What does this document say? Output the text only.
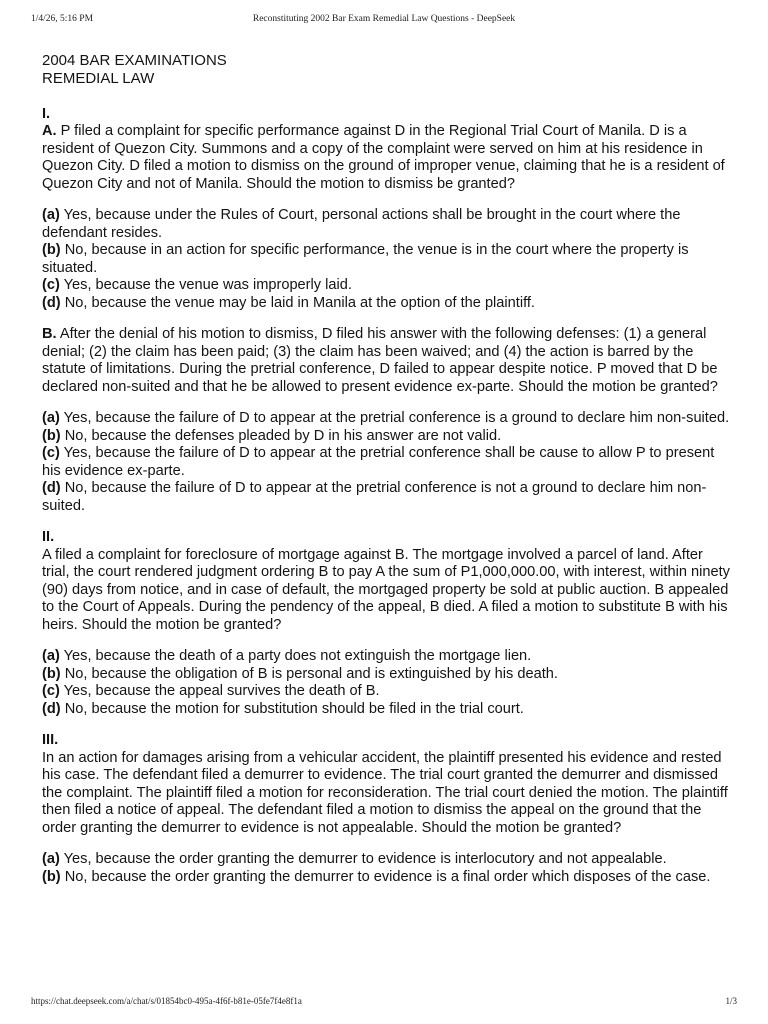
1/4/26, 5:16 PM	Reconstituting 2002 Bar Exam Remedial Law Questions - DeepSeek
2004 BAR EXAMINATIONS
REMEDIAL LAW
I.

A. P filed a complaint for specific performance against D in the Regional Trial Court of Manila. D is a resident of Quezon City. Summons and a copy of the complaint were served on him at his residence in Quezon City. D filed a motion to dismiss on the ground of improper venue, claiming that he is a resident of Quezon City and not of Manila. Should the motion to dismiss be granted?

(a) Yes, because under the Rules of Court, personal actions shall be brought in the court where the defendant resides.

(b) No, because in an action for specific performance, the venue is in the court where the property is situated.

(c) Yes, because the venue was improperly laid.

(d) No, because the venue may be laid in Manila at the option of the plaintiff.

B. After the denial of his motion to dismiss, D filed his answer with the following defenses: (1) a general denial; (2) the claim has been paid; (3) the claim has been waived; and (4) the action is barred by the statute of limitations. During the pretrial conference, D failed to appear despite notice. P moved that D be declared non-suited and that he be allowed to present evidence ex-parte. Should the motion be granted?

(a) Yes, because the failure of D to appear at the pretrial conference is a ground to declare him non-suited.

(b) No, because the defenses pleaded by D in his answer are not valid.

(c) Yes, because the failure of D to appear at the pretrial conference shall be cause to allow P to present his evidence ex-parte.

(d) No, because the failure of D to appear at the pretrial conference is not a ground to declare him non-suited.

II.

A filed a complaint for foreclosure of mortgage against B. The mortgage involved a parcel of land. After trial, the court rendered judgment ordering B to pay A the sum of P1,000,000.00, with interest, within ninety (90) days from notice, and in case of default, the mortgaged property be sold at public auction. B appealed to the Court of Appeals. During the pendency of the appeal, B died. A filed a motion to substitute B with his heirs. Should the motion be granted?

(a) Yes, because the death of a party does not extinguish the mortgage lien.

(b) No, because the obligation of B is personal and is extinguished by his death.

(c) Yes, because the appeal survives the death of B.

(d) No, because the motion for substitution should be filed in the trial court.

III.

In an action for damages arising from a vehicular accident, the plaintiff presented his evidence and rested his case. The defendant filed a demurrer to evidence. The trial court granted the demurrer and dismissed the complaint. The plaintiff filed a motion for reconsideration. The trial court denied the motion. The plaintiff then filed a notice of appeal. The defendant filed a motion to dismiss the appeal on the ground that the order granting the demurrer to evidence is not appealable. Should the motion be granted?

(a) Yes, because the order granting the demurrer to evidence is interlocutory and not appealable.

(b) No, because the order granting the demurrer to evidence is a final order which disposes of the case.

https://chat.deepseek.com/a/chat/s/01854bc0-495a-4f6f-b81e-05fe7f4e8f1a	1/3
